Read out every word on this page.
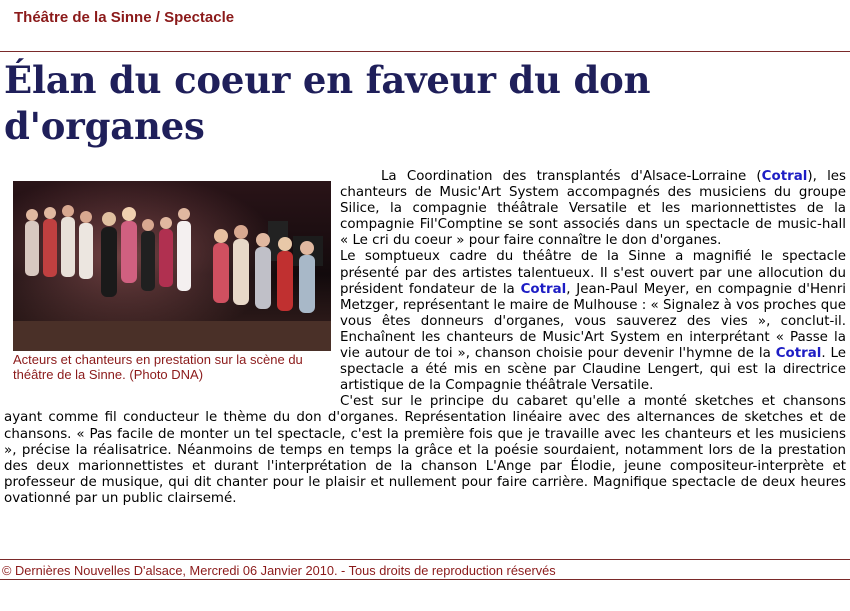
Théâtre de la Sinne / Spectacle
Élan du coeur en faveur du don d'organes

La Coordination des transplantés d'Alsace-Lorraine (Cotral), les chanteurs de Music'Art System accompagnés des musiciens du groupe Silice, la compagnie théâtrale Versatile et les marionnettistes de la compagnie Fil'Comptine se sont associés dans un spectacle de music-hall « Le cri du coeur » pour faire connaître le don d'organes.

Le somptueux cadre du théâtre de la Sinne a magnifié le spectacle présenté par des artistes talentueux. Il s'est ouvert par une allocution du président fondateur de la Cotral, Jean-Paul Meyer, en compagnie d'Henri Metzger, représentant le maire de Mulhouse : « Signalez à vos proches que vous êtes donneurs d'organes, vous sauverez des vies », conclut-il. Enchaînent les chanteurs de Music'Art System en interprétant « Passe la vie autour de toi », chanson choisie pour devenir l'hymne de la Cotral. Le spectacle a été mis en scène par Claudine Lengert, qui est la directrice artistique de la Compagnie théâtrale Versatile.

C'est sur le principe du cabaret qu'elle a monté sketches et chansons ayant comme fil conducteur le thème du don d'organes. Représentation linéaire avec des alternances de sketches et de chansons. « Pas facile de monter un tel spectacle, c'est la première fois que je travaille avec les chanteurs et les musiciens », précise la réalisatrice. Néanmoins de temps en temps la grâce et la poésie sourdaient, notamment lors de la prestation des deux marionnettistes et durant l'interprétation de la chanson L'Ange par Élodie, jeune compositeur-interprète et professeur de musique, qui dit chanter pour le plaisir et nullement pour faire carrière. Magnifique spectacle de deux heures ovationné par un public clairsemé.

Acteurs et chanteurs en prestation sur la scène du théâtre de la Sinne. (Photo DNA)
© Dernières Nouvelles D'alsace, Mercredi 06 Janvier 2010. - Tous droits de reproduction réservés
